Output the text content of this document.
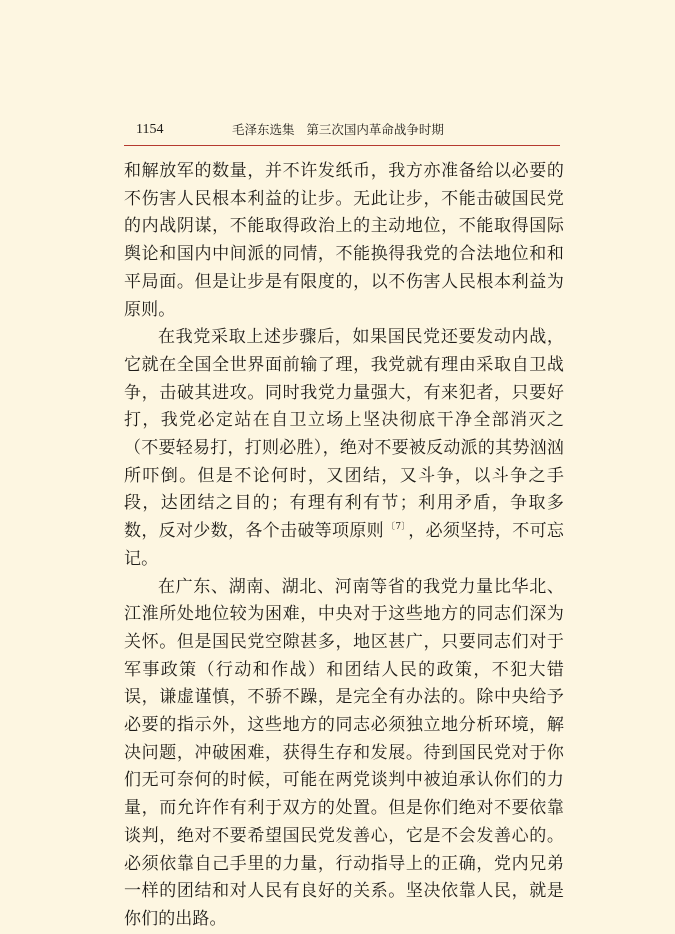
1154	毛泽东选集   第三次国内革命战争时期

和解放军的数量，并不许发纸币，我方亦准备给以必要的不伤害人民根本利益的让步。无此让步，不能击破国民党的内战阴谋，不能取得政治上的主动地位，不能取得国际舆论和国内中间派的同情，不能换得我党的合法地位和和平局面。但是让步是有限度的，以不伤害人民根本利益为原则。

在我党采取上述步骤后，如果国民党还要发动内战，它就在全国全世界面前输了理，我党就有理由采取自卫战争，击破其进攻。同时我党力量强大，有来犯者，只要好打，我党必定站在自卫立场上坚决彻底干净全部消灭之（不要轻易打，打则必胜），绝对不要被反动派的其势汹汹所吓倒。但是不论何时，又团结，又斗争，以斗争之手段，达团结之目的；有理有利有节；利用矛盾，争取多数，反对少数，各个击破等项原则 $^{〔7〕}$ ，必须坚持，不可忘记。

在广东、湖南、湖北、河南等省的我党力量比华北、江淮所处地位较为困难，中央对于这些地方的同志们深为关怀。但是国民党空隙甚多，地区甚广，只要同志们对于军事政策（行动和作战）和团结人民的政策，不犯大错误，谦虚谨慎，不骄不躁，是完全有办法的。除中央给予必要的指示外，这些地方的同志必须独立地分析环境，解决问题，冲破困难，获得生存和发展。待到国民党对于你们无可奈何的时候，可能在两党谈判中被迫承认你们的力量，而允许作有利于双方的处置。但是你们绝对不要依靠谈判，绝对不要希望国民党发善心，它是不会发善心的。必须依靠自己手里的力量，行动指导上的正确，党内兄弟一样的团结和对人民有良好的关系。坚决依靠人民，就是你们的出路。
